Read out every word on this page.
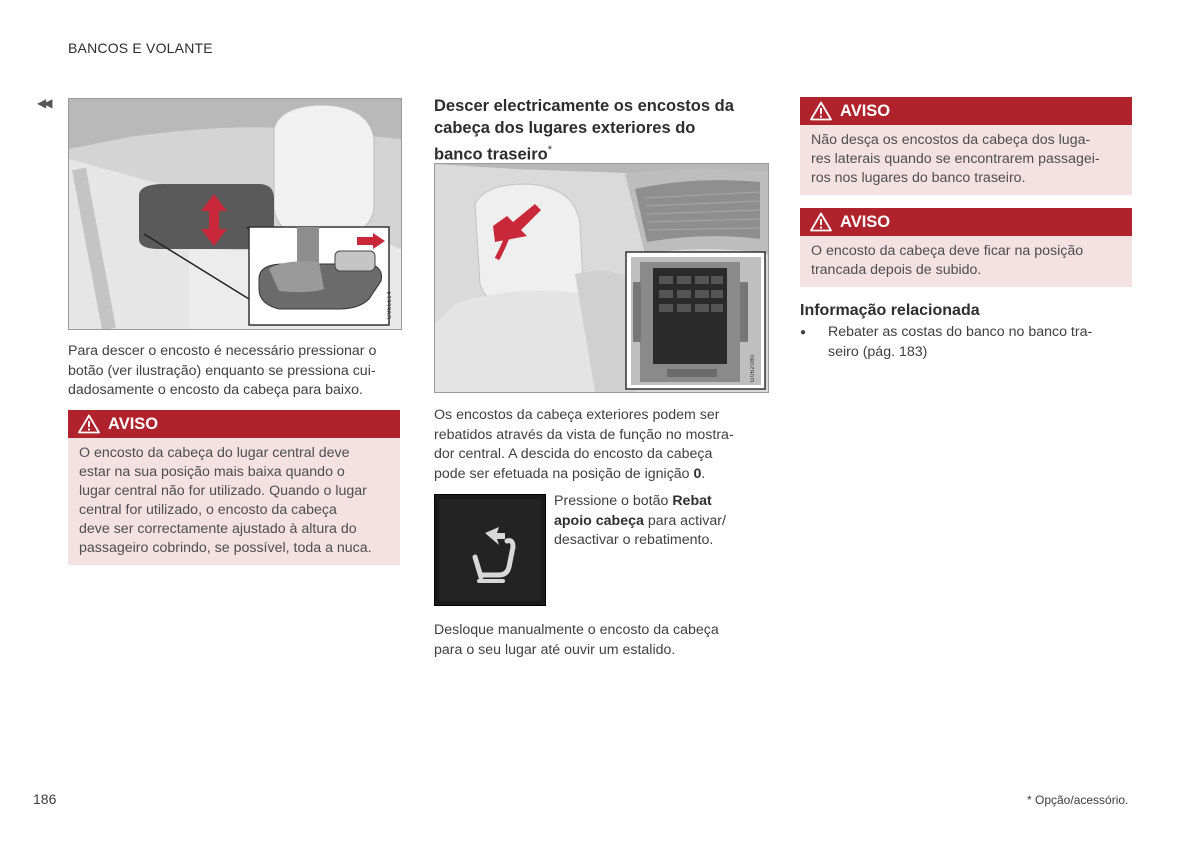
BANCOS E VOLANTE
◀◀
G065514
Para descer o encosto é necessário pressionar o
botão (ver ilustração) enquanto se pressiona cui-
dadosamente o encosto da cabeça para baixo.
AVISO
O encosto da cabeça do lugar central deve
estar na sua posição mais baixa quando o
lugar central não for utilizado. Quando o lugar
central for utilizado, o encosto da cabeça
deve ser correctamente ajustado à altura do
passageiro cobrindo, se possível, toda a nuca.
Descer electricamente os encostos da
cabeça dos lugares exteriores do
banco traseiro*
G062080
Os encostos da cabeça exteriores podem ser
rebatidos através da vista de função no mostra-
dor central. A descida do encosto da cabeça
pode ser efetuada na posição de ignição 0.
Pressione o botão Rebat
apoio cabeça para activar/
desactivar o rebatimento.
Desloque manualmente o encosto da cabeça
para o seu lugar até ouvir um estalido.
AVISO
Não desça os encostos da cabeça dos luga-
res laterais quando se encontrarem passagei-
ros nos lugares do banco traseiro.
AVISO
O encosto da cabeça deve ficar na posição
trancada depois de subido.
Informação relacionada
● Rebater as costas do banco no banco tra-
seiro (pág. 183)
186	* Opção/acessório.
